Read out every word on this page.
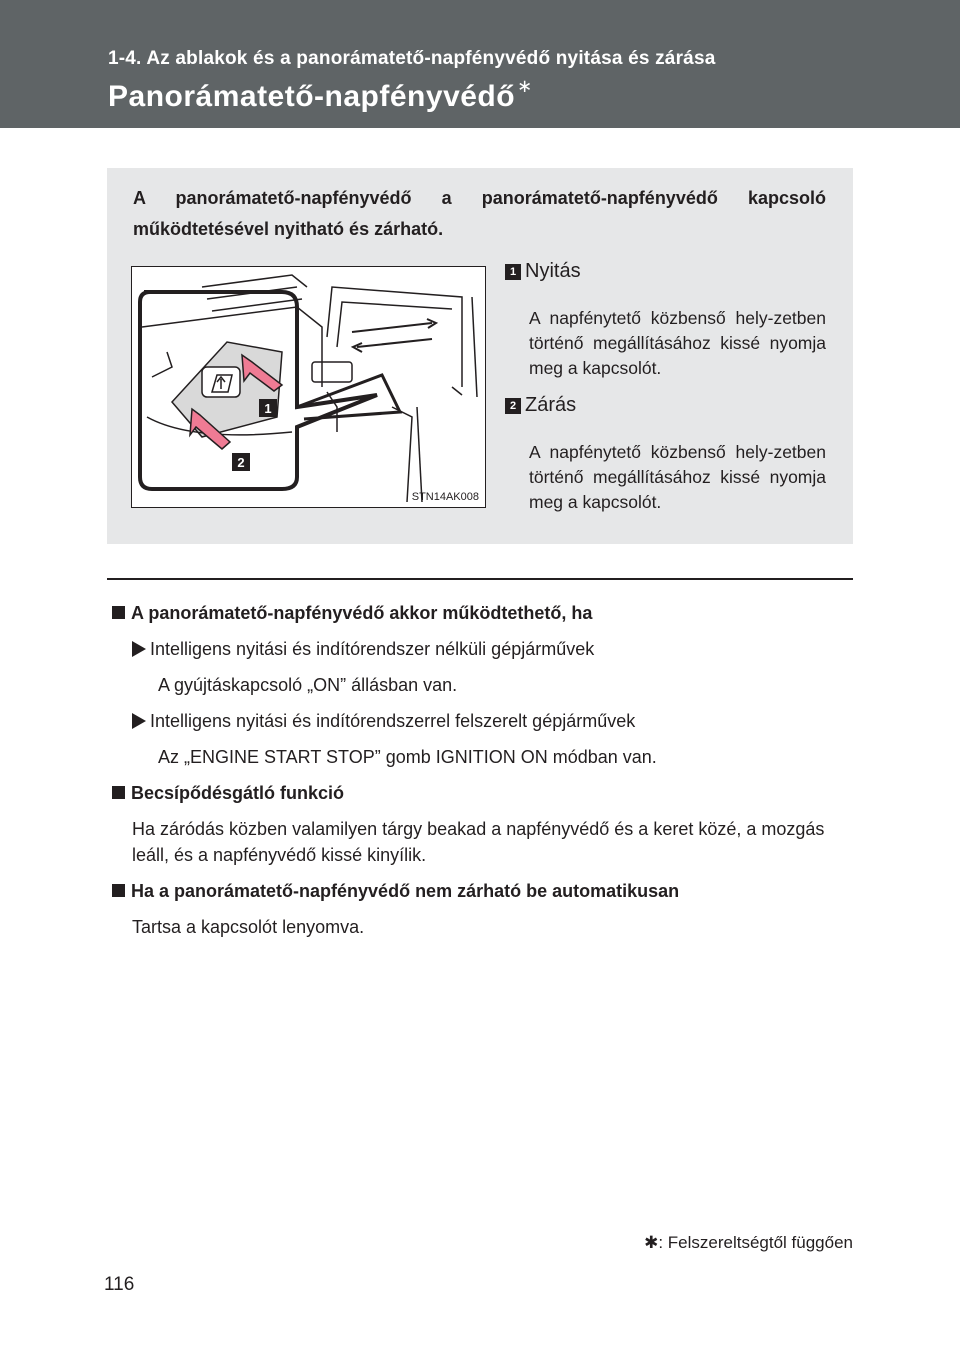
1-4. Az ablakok és a panorámatető-napfényvédő nyitása és zárása
Panorámatető-napfényvédő ∗
A panorámatető-napfényvédő a panorámatető-napfényvédő kapcsoló működtetésével nyitható és zárható.
1
2
STN14AK008
1 Nyitás
A napfénytető közbenső hely-zetben történő megállításához kissé nyomja meg a kapcsolót.
2 Zárás
A napfénytető közbenső hely-zetben történő megállításához kissé nyomja meg a kapcsolót.
A panorámatető-napfényvédő akkor működtethető, ha
Intelligens nyitási és indítórendszer nélküli gépjárművek
A gyújtáskapcsoló „ON” állásban van.
Intelligens nyitási és indítórendszerrel felszerelt gépjárművek
Az „ENGINE START STOP” gomb IGNITION ON módban van.
Becsípődésgátló funkció
Ha záródás közben valamilyen tárgy beakad a napfényvédő és a keret közé, a mozgás leáll, és a napfényvédő kissé kinyílik.
Ha a panorámatető-napfényvédő nem zárható be automatikusan
Tartsa a kapcsolót lenyomva.
✱: Felszereltségtől függően
116
